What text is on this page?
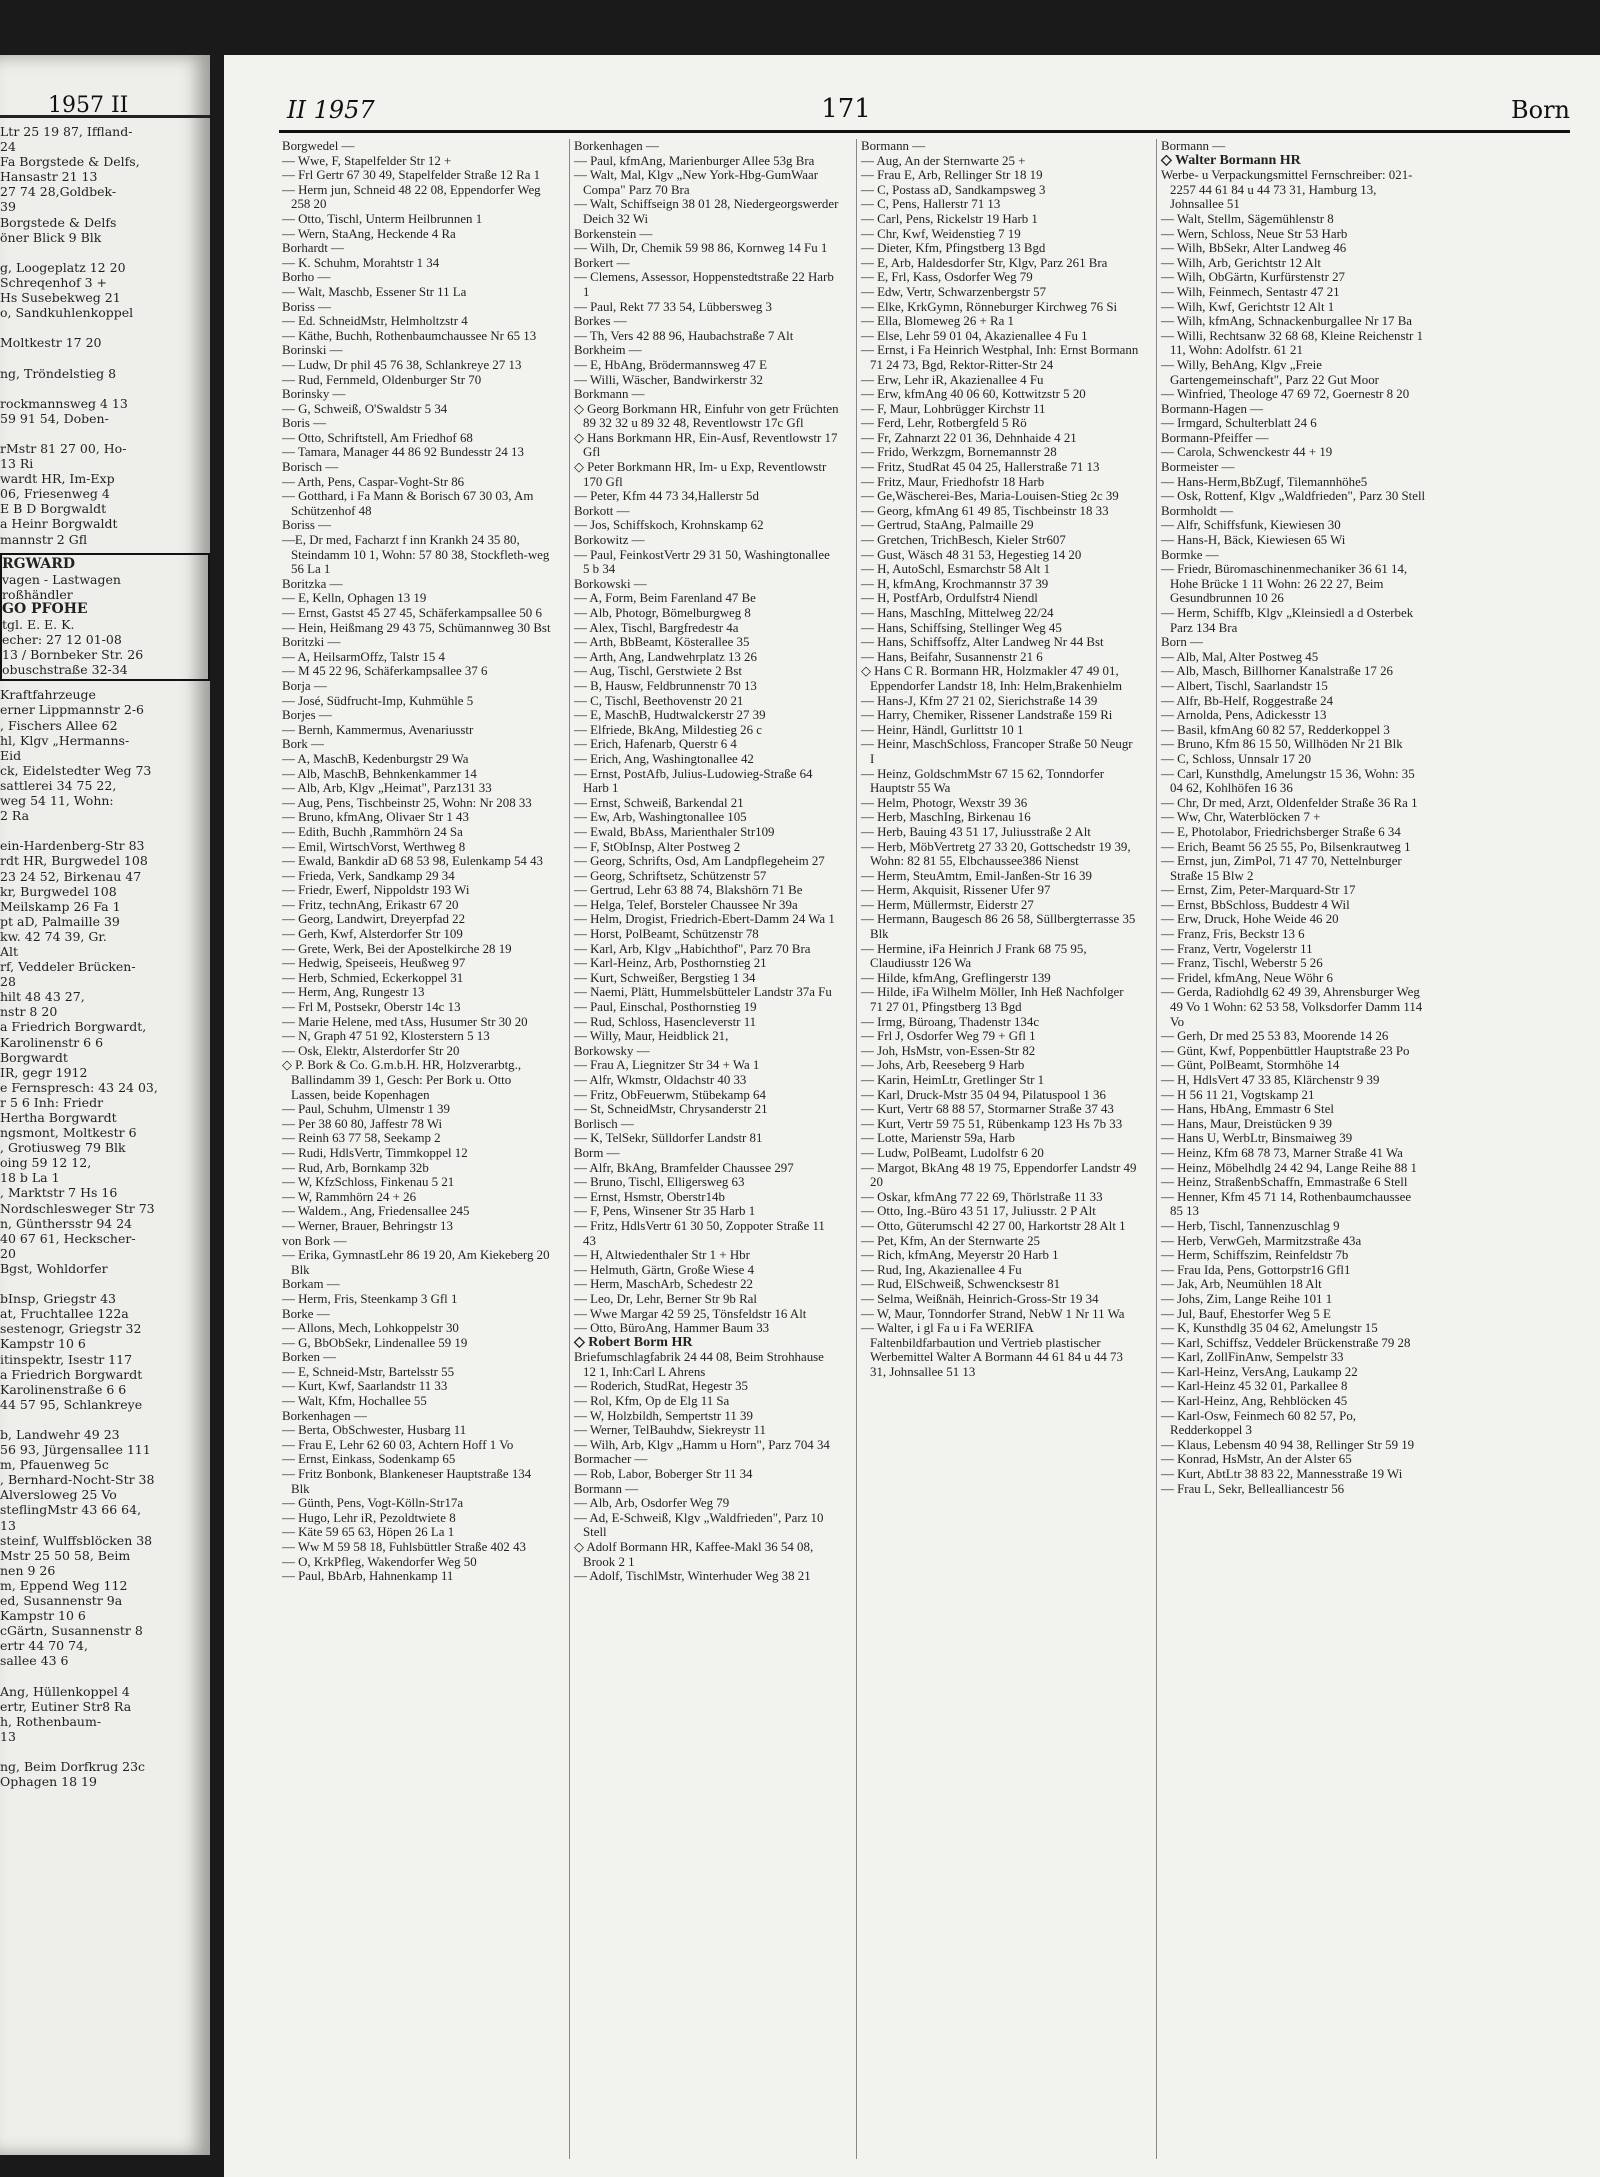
1957 II
Ltr 25 19 87, Iffland-
24
Fa Borgstede & Delfs,
Hansastr 21 13
27 74 28,Goldbek-
39
Borgstede & Delfs
öner Blick 9 Blk

g, Loogeplatz 12 20
Schreqenhof 3 +
Hs Susebekweg 21
o, Sandkuhlenkoppel

Moltkestr 17 20

ng, Tröndelstieg 8

rockmannsweg 4 13
59 91 54, Doben-

rMstr 81 27 00, Ho-
13 Ri
wardt HR, Im-Exp
06, Friesenweg 4
E B D Borgwaldt
a Heinr Borgwaldt
mannstr 2 Gfl
RGWARD
vagen - Lastwagen
roßhändler
GO PFOHE
tgl. E. E. K.
echer: 27 12 01-08
13 / Bornbeker Str. 26
obuschstraße 32-34
Kraftfahrzeuge
erner Lippmannstr 2-6
, Fischers Allee 62
hl, Klgv „Hermanns-
Eid
ck, Eidelstedter Weg 73
sattlerei 34 75 22,
weg 54 11, Wohn:
2 Ra

ein-Hardenberg-Str 83
rdt HR, Burgwedel 108
23 24 52, Birkenau 47
kr, Burgwedel 108
Meilskamp 26 Fa 1
pt aD, Palmaille 39
kw. 42 74 39, Gr.
Alt
rf, Veddeler Brücken-
28
hilt 48 43 27,
nstr 8 20
a Friedrich Borgwardt,
Karolinenstr 6 6
Borgwardt
IR, gegr 1912
e Fernspresch: 43 24 03,
r 5 6 Inh: Friedr
Hertha Borgwardt
ngsmont, Moltkestr 6
, Grotiusweg 79 Blk
oing 59 12 12,
18 b La 1
, Marktstr 7 Hs 16
Nordschlesweger Str 73
n, Günthersstr 94 24
40 67 61, Heckscher-
20
Bgst, Wohldorfer

bInsp, Griegstr 43
at, Fruchtallee 122a
sestenogr, Griegstr 32
Kampstr 10 6
itinspektr, Isestr 117
a Friedrich Borgwardt
Karolinenstraße 6 6
44 57 95, Schlankreye

b, Landwehr 49 23
56 93, Jürgensallee 111
m, Pfauenweg 5c
, Bernhard-Nocht-Str 38
Alversloweg 25 Vo
steflingMstr 43 66 64,
13
steinf, Wulffsblöcken 38
Mstr 25 50 58, Beim
nen 9 26
m, Eppend Weg 112
ed, Susannenstr 9a
Kampstr 10 6
cGärtn, Susannenstr 8
ertr 44 70 74,
sallee 43 6

Ang, Hüllenkoppel 4
ertr, Eutiner Str8 Ra
h, Rothenbaum-
13

ng, Beim Dorfkrug 23c
Ophagen 18 19
II 1957	171	Born
Borgwedel —
— Wwe, F, Stapelfelder Str 12 +
— Frl Gertr 67 30 49, Stapelfelder Straße 12 Ra 1
— Herm jun, Schneid 48 22 08, Eppendorfer Weg 258 20
— Otto, Tischl, Unterm Heilbrunnen 1
— Wern, StaAng, Heckende 4 Ra
Borhardt —
— K. Schuhm, Morahtstr 1 34
Borho —
— Walt, Maschb, Essener Str 11 La
Boriss —
— Ed. SchneidMstr, Helmholtzstr 4
— Käthe, Buchh, Rothenbaumchaussee Nr 65 13
Borinski —
— Ludw, Dr phil 45 76 38, Schlankreye 27 13
— Rud, Fernmeld, Oldenburger Str 70
Borinsky —
— G, Schweiß, O'Swaldstr 5 34
Boris —
— Otto, Schriftstell, Am Friedhof 68
— Tamara, Manager 44 86 92 Bundesstr 24 13
Borisch —
— Arth, Pens, Caspar-Voght-Str 86
— Gotthard, i Fa Mann & Borisch 67 30 03, Am Schützenhof 48
Boriss —
—E, Dr med, Facharzt f inn Krankh 24 35 80, Steindamm 10 1, Wohn: 57 80 38, Stockfleth-weg 56 La 1
Boritzka —
— E, Kelln, Ophagen 13 19
— Ernst, Gastst 45 27 45, Schäferkampsallee 50 6
— Hein, Heißmang 29 43 75, Schümannweg 30 Bst
Boritzki —
— A, HeilsarmOffz, Talstr 15 4
— M 45 22 96, Schäferkampsallee 37 6
Borja —
— José, Südfrucht-Imp, Kuhmühle 5
Borjes —
— Bernh, Kammermus, Avenariusstr
Bork —
— A, MaschB, Kedenburgstr 29 Wa
— Alb, MaschB, Behnkenkammer 14
— Alb, Arb, Klgv „Heimat", Parz131 33
— Aug, Pens, Tischbeinstr 25, Wohn: Nr 208 33
— Bruno, kfmAng, Olivaer Str 1 43
— Edith, Buchh ,Rammhörn 24 Sa
— Emil, WirtschVorst, Werthweg 8
— Ewald, Bankdir aD 68 53 98, Eulenkamp 54 43
— Frieda, Verk, Sandkamp 29 34
— Friedr, Ewerf, Nippoldstr 193 Wi
— Fritz, technAng, Erikastr 67 20
— Georg, Landwirt, Dreyerpfad 22
— Gerh, Kwf, Alsterdorfer Str 109
— Grete, Werk, Bei der Apostelkirche 28 19
— Hedwig, Speiseeis, Heußweg 97
— Herb, Schmied, Eckerkoppel 31
— Herm, Ang, Rungestr 13
— Frl M, Postsekr, Oberstr 14c 13
— Marie Helene, med tAss, Husumer Str 30 20
— N, Graph 47 51 92, Klosterstern 5 13
— Osk, Elektr, Alsterdorfer Str 20
◇ P. Bork & Co. G.m.b.H. HR, Holzverarbtg., Ballindamm 39 1, Gesch: Per Bork u. Otto Lassen, beide Kopenhagen
— Paul, Schuhm, Ulmenstr 1 39
— Per 38 60 80, Jaffestr 78 Wi
— Reinh 63 77 58, Seekamp 2
— Rudi, HdlsVertr, Timmkoppel 12
— Rud, Arb, Bornkamp 32b
— W, KfzSchloss, Finkenau 5 21
— W, Rammhörn 24 + 26
— Waldem., Ang, Friedensallee 245
— Werner, Brauer, Behringstr 13
von Bork —
— Erika, GymnastLehr 86 19 20, Am Kiekeberg 20 Blk
Borkam —
— Herm, Fris, Steenkamp 3 Gfl 1
Borke —
— Allons, Mech, Lohkoppelstr 30
— G, BbObSekr, Lindenallee 59 19
Borken —
— E, Schneid-Mstr, Bartelsstr 55
— Kurt, Kwf, Saarlandstr 11 33
— Walt, Kfm, Hochallee 55
Borkenhagen —
— Berta, ObSchwester, Husbarg 11
— Frau E, Lehr 62 60 03, Achtern Hoff 1 Vo
— Ernst, Einkass, Sodenkamp 65
— Fritz Bonbonk, Blankeneser Hauptstraße 134 Blk
— Günth, Pens, Vogt-Kölln-Str17a
— Hugo, Lehr iR, Pezoldtwiete 8
— Käte 59 65 63, Höpen 26 La 1
— Ww M 59 58 18, Fuhlsbüttler Straße 402 43
— O, KrkPfleg, Wakendorfer Weg 50
— Paul, BbArb, Hahnenkamp 11
Borkenhagen —
— Paul, kfmAng, Marienburger Allee 53g Bra
— Walt, Mal, Klgv „New York-Hbg-GumWaar Compa" Parz 70 Bra
— Walt, Schiffseign 38 01 28, Niedergeorgswerder Deich 32 Wi
Borkenstein —
— Wilh, Dr, Chemik 59 98 86, Kornweg 14 Fu 1
Borkert —
— Clemens, Assessor, Hoppenstedtstraße 22 Harb 1
— Paul, Rekt 77 33 54, Lübbersweg 3
Borkes —
— Th, Vers 42 88 96, Haubachstraße 7 Alt
Borkheim —
— E, HbAng, Brödermannsweg 47 E
— Willi, Wäscher, Bandwirkerstr 32
Borkmann —
◇ Georg Borkmann HR, Einfuhr von getr Früchten 89 32 32 u 89 32 48, Reventlowstr 17c Gfl
◇ Hans Borkmann HR, Ein-Ausf, Reventlowstr 17 Gfl
◇ Peter Borkmann HR, Im- u Exp, Reventlowstr 170 Gfl
— Peter, Kfm 44 73 34,Hallerstr 5d
Borkott —
— Jos, Schiffskoch, Krohnskamp 62
Borkowitz —
— Paul, FeinkostVertr 29 31 50, Washingtonallee 5 b 34
Borkowski —
— A, Form, Beim Farenland 47 Be
— Alb, Photogr, Bömelburgweg 8
— Alex, Tischl, Bargfredestr 4a
— Arth, BbBeamt, Kösterallee 35
— Arth, Ang, Landwehrplatz 13 26
— Aug, Tischl, Gerstwiete 2 Bst
— B, Hausw, Feldbrunnenstr 70 13
— C, Tischl, Beethovenstr 20 21
— E, MaschB, Hudtwalckerstr 27 39
— Elfriede, BkAng, Mildestieg 26 c
— Erich, Hafenarb, Querstr 6 4
— Erich, Ang, Washingtonallee 42
— Ernst, PostAfb, Julius-Ludowieg-Straße 64 Harb 1
— Ernst, Schweiß, Barkendal 21
— Ew, Arb, Washingtonallee 105
— Ewald, BbAss, Marienthaler Str109
— F, StObInsp, Alter Postweg 2
— Georg, Schrifts, Osd, Am Landpflegeheim 27
— Georg, Schriftsetz, Schützenstr 57
— Gertrud, Lehr 63 88 74, Blakshörn 71 Be
— Helga, Telef, Borsteler Chaussee Nr 39a
— Helm, Drogist, Friedrich-Ebert-Damm 24 Wa 1
— Horst, PolBeamt, Schützenstr 78
— Karl, Arb, Klgv „Habichthof", Parz 70 Bra
— Karl-Heinz, Arb, Posthornstieg 21
— Kurt, Schweißer, Bergstieg 1 34
— Naemi, Plätt, Hummelsbütteler Landstr 37a Fu
— Paul, Einschal, Posthornstieg 19
— Rud, Schloss, Hasencleverstr 11
— Willy, Maur, Heidblick 21,
Borkowsky —
— Frau A, Liegnitzer Str 34 + Wa 1
— Alfr, Wkmstr, Oldachstr 40 33
— Fritz, ObFeuerwm, Stübekamp 64
— St, SchneidMstr, Chrysanderstr 21
Borlisch —
— K, TelSekr, Sülldorfer Landstr 81
Borm —
— Alfr, BkAng, Bramfelder Chaussee 297
— Bruno, Tischl, Elligersweg 63
— Ernst, Hsmstr, Oberstr14b
— F, Pens, Winsener Str 35 Harb 1
— Fritz, HdlsVertr 61 30 50, Zoppoter Straße 11 43
— H, Altwiedenthaler Str 1 + Hbr
— Helmuth, Gärtn, Große Wiese 4
— Herm, MaschArb, Schedestr 22
— Leo, Dr, Lehr, Berner Str 9b Ral
— Wwe Margar 42 59 25, Tönsfeldstr 16 Alt
— Otto, BüroAng, Hammer Baum 33
◇ Robert Borm HR
Briefumschlagfabrik 24 44 08, Beim Strohhause 12 1, Inh:Carl L Ahrens
— Roderich, StudRat, Hegestr 35
— Rol, Kfm, Op de Elg 11 Sa
— W, Holzbildh, Sempertstr 11 39
— Werner, TelBauhdw, Siekreystr 11
— Wilh, Arb, Klgv „Hamm u Horn", Parz 704 34
Bormacher —
— Rob, Labor, Boberger Str 11 34
Bormann —
— Alb, Arb, Osdorfer Weg 79
— Ad, E-Schweiß, Klgv „Waldfrieden", Parz 10 Stell
◇ Adolf Bormann HR, Kaffee-Makl 36 54 08, Brook 2 1
— Adolf, TischlMstr, Winterhuder Weg 38 21
Bormann —
— Aug, An der Sternwarte 25 +
— Frau E, Arb, Rellinger Str 18 19
— C, Postass aD, Sandkampsweg 3
— C, Pens, Hallerstr 71 13
— Carl, Pens, Rickelstr 19 Harb 1
— Chr, Kwf, Weidenstieg 7 19
— Dieter, Kfm, Pfingstberg 13 Bgd
— E, Arb, Haldesdorfer Str, Klgv, Parz 261 Bra
— E, Frl, Kass, Osdorfer Weg 79
— Edw, Vertr, Schwarzenbergstr 57
— Elke, KrkGymn, Rönneburger Kirchweg 76 Si
— Ella, Blomeweg 26 + Ra 1
— Else, Lehr 59 01 04, Akazienallee 4 Fu 1
— Ernst, i Fa Heinrich Westphal, Inh: Ernst Bormann 71 24 73, Bgd, Rektor-Ritter-Str 24
— Erw, Lehr iR, Akazienallee 4 Fu
— Erw, kfmAng 40 06 60, Kottwitzstr 5 20
— F, Maur, Lohbrügger Kirchstr 11
— Ferd, Lehr, Rotbergfeld 5 Rö
— Fr, Zahnarzt 22 01 36, Dehnhaide 4 21
— Frido, Werkzgm, Bornemannstr 28
— Fritz, StudRat 45 04 25, Hallerstraße 71 13
— Fritz, Maur, Friedhofstr 18 Harb
— Ge,Wäscherei-Bes, Maria-Louisen-Stieg 2c 39
— Georg, kfmAng 61 49 85, Tischbeinstr 18 33
— Gertrud, StaAng, Palmaille 29
— Gretchen, TrichBesch, Kieler Str607
— Gust, Wäsch 48 31 53, Hegestieg 14 20
— H, AutoSchl, Esmarchstr 58 Alt 1
— H, kfmAng, Krochmannstr 37 39
— H, PostfArb, Ordulfstr4 Niendl
— Hans, MaschIng, Mittelweg 22/24
— Hans, Schiffsing, Stellinger Weg 45
— Hans, Schiffsoffz, Alter Landweg Nr 44 Bst
— Hans, Beifahr, Susannenstr 21 6
◇ Hans C R. Bormann HR, Holzmakler 47 49 01, Eppendorfer Landstr 18, Inh: Helm,Brakenhielm
— Hans-J, Kfm 27 21 02, Sierichstraße 14 39
— Harry, Chemiker, Rissener Landstraße 159 Ri
— Heinr, Händl, Gurlittstr 10 1
— Heinr, MaschSchloss, Francoper Straße 50 Neugr I
— Heinz, GoldschmMstr 67 15 62, Tonndorfer Hauptstr 55 Wa
— Helm, Photogr, Wexstr 39 36
— Herb, MaschIng, Birkenau 16
— Herb, Bauing 43 51 17, Juliusstraße 2 Alt
— Herb, MöbVertretg 27 33 20, Gottschedstr 19 39, Wohn: 82 81 55, Elbchaussee386 Nienst
— Herm, SteuAmtm, Emil-Janßen-Str 16 39
— Herm, Akquisit, Rissener Ufer 97
— Herm, Müllermstr, Eiderstr 27
— Hermann, Baugesch 86 26 58, Süllbergterrasse 35 Blk
— Hermine, iFa Heinrich J Frank 68 75 95, Claudiusstr 126 Wa
— Hilde, kfmAng, Greflingerstr 139
— Hilde, iFa Wilhelm Möller, Inh Heß Nachfolger 71 27 01, Pfingstberg 13 Bgd
— Irmg, Büroang, Thadenstr 134c
— Frl J, Osdorfer Weg 79 + Gfl 1
— Joh, HsMstr, von-Essen-Str 82
— Johs, Arb, Reeseberg 9 Harb
— Karin, HeimLtr, Gretlinger Str 1
— Karl, Druck-Mstr 35 04 94, Pilatuspool 1 36
— Kurt, Vertr 68 88 57, Stormarner Straße 37 43
— Kurt, Vertr 59 75 51, Rübenkamp 123 Hs 7b 33
— Lotte, Marienstr 59a, Harb
— Ludw, PolBeamt, Ludolfstr 6 20
— Margot, BkAng 48 19 75, Eppendorfer Landstr 49 20
— Oskar, kfmAng 77 22 69, Thörlstraße 11 33
— Otto, Ing.-Büro 43 51 17, Juliusstr. 2 P Alt
— Otto, Güterumschl 42 27 00, Harkortstr 28 Alt 1
— Pet, Kfm, An der Sternwarte 25
— Rich, kfmAng, Meyerstr 20 Harb 1
— Rud, Ing, Akazienallee 4 Fu
— Rud, ElSchweiß, Schwencksestr 81
— Selma, Weißnäh, Heinrich-Gross-Str 19 34
— W, Maur, Tonndorfer Strand, NebW 1 Nr 11 Wa
— Walter, i gl Fa u i Fa WERIFA Faltenbildfarbaution und Vertrieb plastischer Werbemittel Walter A Bormann 44 61 84 u 44 73 31, Johnsallee 51 13
Bormann —
◇ Walter Bormann HR
Werbe- u Verpackungsmittel Fernschreiber: 021-2257 44 61 84 u 44 73 31, Hamburg 13, Johnsallee 51
— Walt, Stellm, Sägemühlenstr 8
— Wern, Schloss, Neue Str 53 Harb
— Wilh, BbSekr, Alter Landweg 46
— Wilh, Arb, Gerichtstr 12 Alt
— Wilh, ObGärtn, Kurfürstenstr 27
— Wilh, Feinmech, Sentastr 47 21
— Wilh, Kwf, Gerichtstr 12 Alt 1
— Wilh, kfmAng, Schnackenburgallee Nr 17 Ba
— Willi, Rechtsanw 32 68 68, Kleine Reichenstr 1 11, Wohn: Adolfstr. 61 21
— Willy, BehAng, Klgv „Freie Gartengemeinschaft", Parz 22 Gut Moor
— Winfried, Theologe 47 69 72, Goernestr 8 20
Bormann-Hagen —
— Irmgard, Schulterblatt 24 6
Bormann-Pfeiffer —
— Carola, Schwenckestr 44 + 19
Bormeister —
— Hans-Herm,BbZugf, Tilemannhöhe5
— Osk, Rottenf, Klgv „Waldfrieden", Parz 30 Stell
Bormholdt —
— Alfr, Schiffsfunk, Kiewiesen 30
— Hans-H, Bäck, Kiewiesen 65 Wi
Bormke —
— Friedr, Büromaschinenmechaniker 36 61 14, Hohe Brücke 1 11 Wohn: 26 22 27, Beim Gesundbrunnen 10 26
— Herm, Schiffb, Klgv „Kleinsiedl a d Osterbek Parz 134 Bra
Born —
— Alb, Mal, Alter Postweg 45
— Alb, Masch, Billhorner Kanalstraße 17 26
— Albert, Tischl, Saarlandstr 15
— Alfr, Bb-Helf, Roggestraße 24
— Arnolda, Pens, Adickesstr 13
— Basil, kfmAng 60 82 57, Redderkoppel 3
— Bruno, Kfm 86 15 50, Willhöden Nr 21 Blk
— C, Schloss, Unnsalr 17 20
— Carl, Kunsthdlg, Amelungstr 15 36, Wohn: 35 04 62, Kohlhöfen 16 36
— Chr, Dr med, Arzt, Oldenfelder Straße 36 Ra 1
— Ww, Chr, Waterblöcken 7 +
— E, Photolabor, Friedrichsberger Straße 6 34
— Erich, Beamt 56 25 55, Po, Bilsenkrautweg 1
— Ernst, jun, ZimPol, 71 47 70, Nettelnburger Straße 15 Blw 2
— Ernst, Zim, Peter-Marquard-Str 17
— Ernst, BbSchloss, Buddestr 4 Wil
— Erw, Druck, Hohe Weide 46 20
— Franz, Fris, Beckstr 13 6
— Franz, Vertr, Vogelerstr 11
— Franz, Tischl, Weberstr 5 26
— Fridel, kfmAng, Neue Wöhr 6
— Gerda, Radiohdlg 62 49 39, Ahrensburger Weg 49 Vo 1 Wohn: 62 53 58, Volksdorfer Damm 114 Vo
— Gerh, Dr med 25 53 83, Moorende 14 26
— Günt, Kwf, Poppenbüttler Hauptstraße 23 Po
— Günt, PolBeamt, Stormhöhe 14
— H, HdlsVert 47 33 85, Klärchenstr 9 39
— H 56 11 21, Vogtskamp 21
— Hans, HbAng, Emmastr 6 Stel
— Hans, Maur, Dreistücken 9 39
— Hans U, WerbLtr, Binsmaiweg 39
— Heinz, Kfm 68 78 73, Marner Straße 41 Wa
— Heinz, Möbelhdlg 24 42 94, Lange Reihe 88 1
— Heinz, StraßenbSchaffn, Emmastraße 6 Stell
— Henner, Kfm 45 71 14, Rothenbaumchaussee 85 13
— Herb, Tischl, Tannenzuschlag 9
— Herb, VerwGeh, Marmitzstraße 43a
— Herm, Schiffszim, Reinfeldstr 7b
— Frau Ida, Pens, Gottorpstr16 Gfl1
— Jak, Arb, Neumühlen 18 Alt
— Johs, Zim, Lange Reihe 101 1
— Jul, Bauf, Ehestorfer Weg 5 E
— K, Kunsthdlg 35 04 62, Amelungstr 15
— Karl, Schiffsz, Veddeler Brückenstraße 79 28
— Karl, ZollFinAnw, Sempelstr 33
— Karl-Heinz, VersAng, Laukamp 22
— Karl-Heinz 45 32 01, Parkallee 8
— Karl-Heinz, Ang, Rehblöcken 45
— Karl-Osw, Feinmech 60 82 57, Po, Redderkoppel 3
— Klaus, Lebensm 40 94 38, Rellinger Str 59 19
— Konrad, HsMstr, An der Alster 65
— Kurt, AbtLtr 38 83 22, Mannesstraße 19 Wi
— Frau L, Sekr, Bellealliancestr 56
